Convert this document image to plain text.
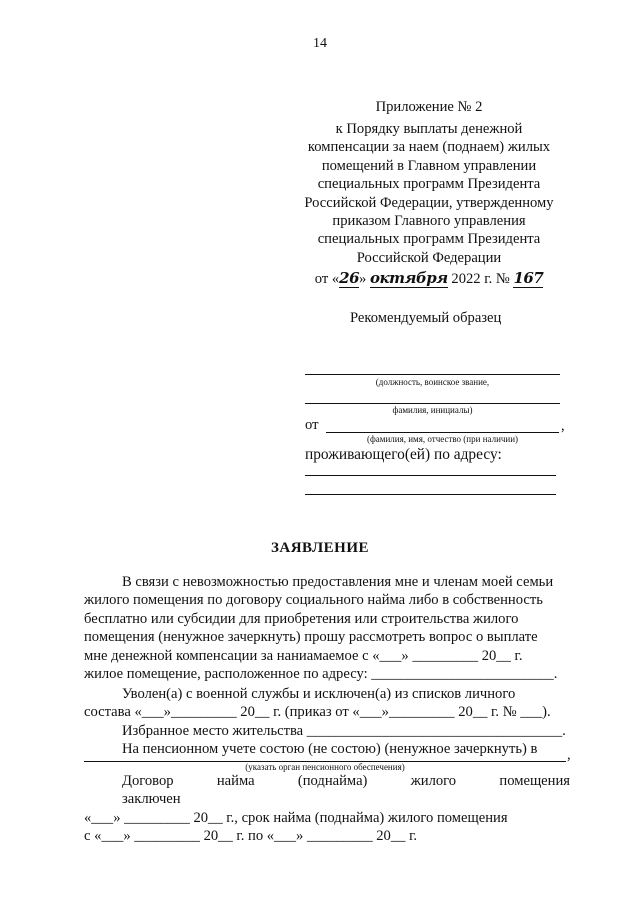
14
Приложение № 2
к Порядку выплаты денежной
компенсации за наем (поднаем) жилых
помещений в Главном управлении
специальных программ Президента
Российской Федерации, утвержденному
приказом Главного управления
специальных программ Президента
Российской Федерации
от «26» октября 2022 г. № 167
Рекомендуемый образец
(должность, воинское звание,
фамилия, инициалы)
от	,
(фамилия, имя, отчество (при наличии)
проживающего(ей) по адресу:
ЗАЯВЛЕНИЕ
В связи с невозможностью предоставления мне и членам моей семьи
жилого помещения по договору социального найма либо в собственность
бесплатно или субсидии для приобретения или строительства жилого
помещения (ненужное зачеркнуть) прошу рассмотреть вопрос о выплате
мне денежной компенсации за наниамаемое с «___» _________ 20__ г.
жилое помещение, расположенное по адресу: _________________________.
Уволен(а) с военной службы и исключен(а) из списков личного
состава «___»_________ 20__ г. (приказ от «___»_________ 20__ г. № ___).
Избранное место жительства ___________________________________.
На пенсионном учете состою (не состою) (ненужное зачеркнуть) в	,
(указать орган пенсионного обеспечения)
Договор найма (поднайма) жилого помещения заключен
«___» _________ 20__ г., срок найма (поднайма) жилого помещения
с «___» _________ 20__ г. по «___» _________ 20__ г.
